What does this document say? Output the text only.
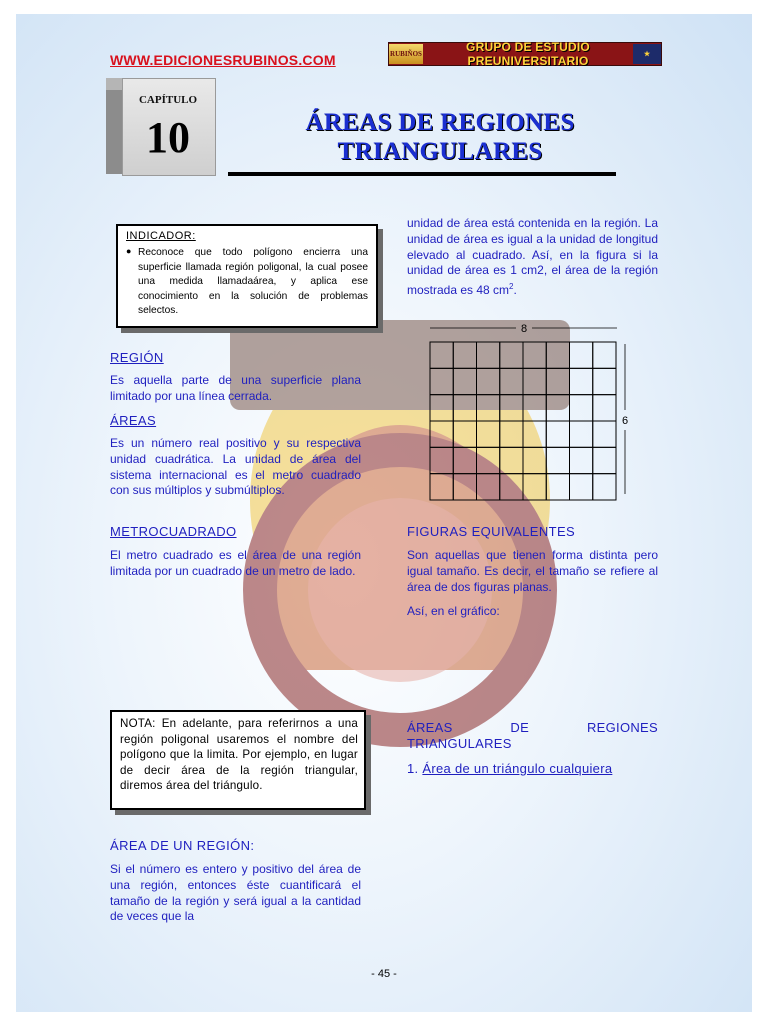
WWW.EDICIONESRUBINOS.COM	RUBIÑOS	GRUPO DE ESTUDIO PREUNIVERSITARIO	★
CAPÍTULO
10	ÁREAS DE REGIONES
TRIANGULARES
INDICADOR:
● Reconoce que todo polígono encierra una superficie llamada región poligonal, la cual posee una medida llamadaárea, y aplica ese conocimiento en la solución de problemas selectos.
REGIÓN
Es aquella parte de una superficie plana limitado por una línea cerrada.
ÁREAS
Es un número real positivo y su respectiva unidad cuadrática. La unidad de área del sistema internacional es el metro cuadrado con sus múltiplos y submúltiplos.
METROCUADRADO
El metro cuadrado es el área de una región limitada por un cuadrado de un metro de lado.
NOTA: En adelante, para referirnos a una región poligonal usaremos el nombre del polígono que la limita. Por ejemplo, en lugar de decir área de la región triangular, diremos área del triángulo.
ÁREA DE UN REGIÓN:
Si el número es entero y positivo del área de una región, entonces éste cuantificará el tamaño de la región y será igual a la cantidad de veces que la
unidad de área está contenida en la región. La unidad de área es igual a la unidad de longitud elevado al cuadrado. Así, en la figura si la unidad de área es 1 cm2, el área de la región mostrada es 48 $cm^2$.
8
6
FIGURAS EQUIVALENTES
Son aquellas que tienen forma distinta pero igual tamaño. Es decir, el tamaño se refiere al área de dos figuras planas.
Así, en el gráfico:
ÁREAS DE REGIONES TRIANGULARES
1. Área de un triángulo cualquiera
- 45 -
